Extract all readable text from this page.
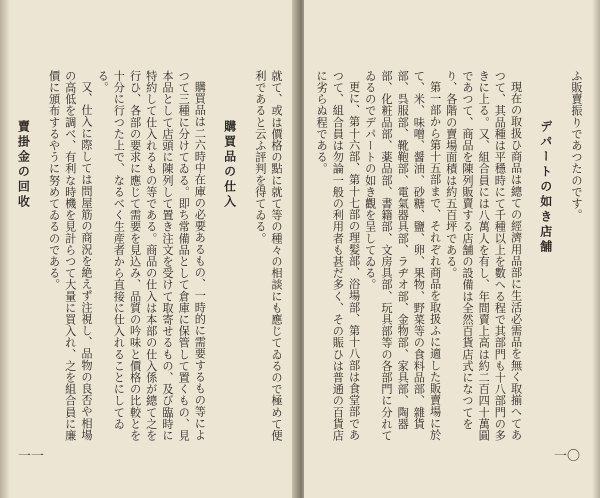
就て、或は價格の點に就て等の種々の相談にも應じてゐるので極めて便利であると云ふ評判を得てゐる。

購買品の仕入

購買品は二六時中在庫の必要あるもの、一時的に需要するもの等によつて三種に分けてゐる。即ち常備品として倉庫に保管して置くもの、見本品として店頭に陳列して置き注文を受けて取寄せるもの、及び臨時に特約して仕入れるもの等である。商品の仕入は本部の仕入係が總て之を行ひ、各部の要求に應じて需要を見込み、品質の吟味と價格の比較とを十分に行つた上で、なるべく生産者から直接に仕入れることにしてゐる。

又、仕入に際しては問屋筋の商況を絶えず注視し、品物の良否や相場の高低を調べ、有利な時機を見計らつて大量に買入れ、之を組合員に廉價に頒布するやうに努めてゐるのである。

賣掛金の回收

一一

ふ販賣振りであつたのです。

デパートの如き店舗

現在の取扱ひ商品は總ての經濟用品部に生活必需品を無く取揃へてあつて、其品種は平穩時にて千種以上を數へる程で其部門も十八部門の多きに上る。又、組合員には八萬人を有し、年間賣上高は約二百四十萬圓であつて、商品を陳列販賣する店舗の設備は全然百貨店式になつてをり、各階の賣場面積は約五百坪である。

第一部から第十五部まで、それぞれ商品を取扱ふに適した販賣場に於て、米、味噌、醤油、砂糖、鹽、卵、果物、野菜等の食料品部、雜貨部、呉服部、靴鞄部、電氣器具部、ラヂオ部、金物部、家具部、陶器部、化粧品部、薬品部、書籍部、文房具部、玩具部等の各部門に分れてゐるのでデパートの如き觀を呈してゐる。

更に、第十六部、第十七部の理髪部、浴場部、第十八部は食堂部であつて、組合員は勿論一般の利用者も甚だ多く、その賑ひは普通の百貨店に劣らぬ程である。

一〇
